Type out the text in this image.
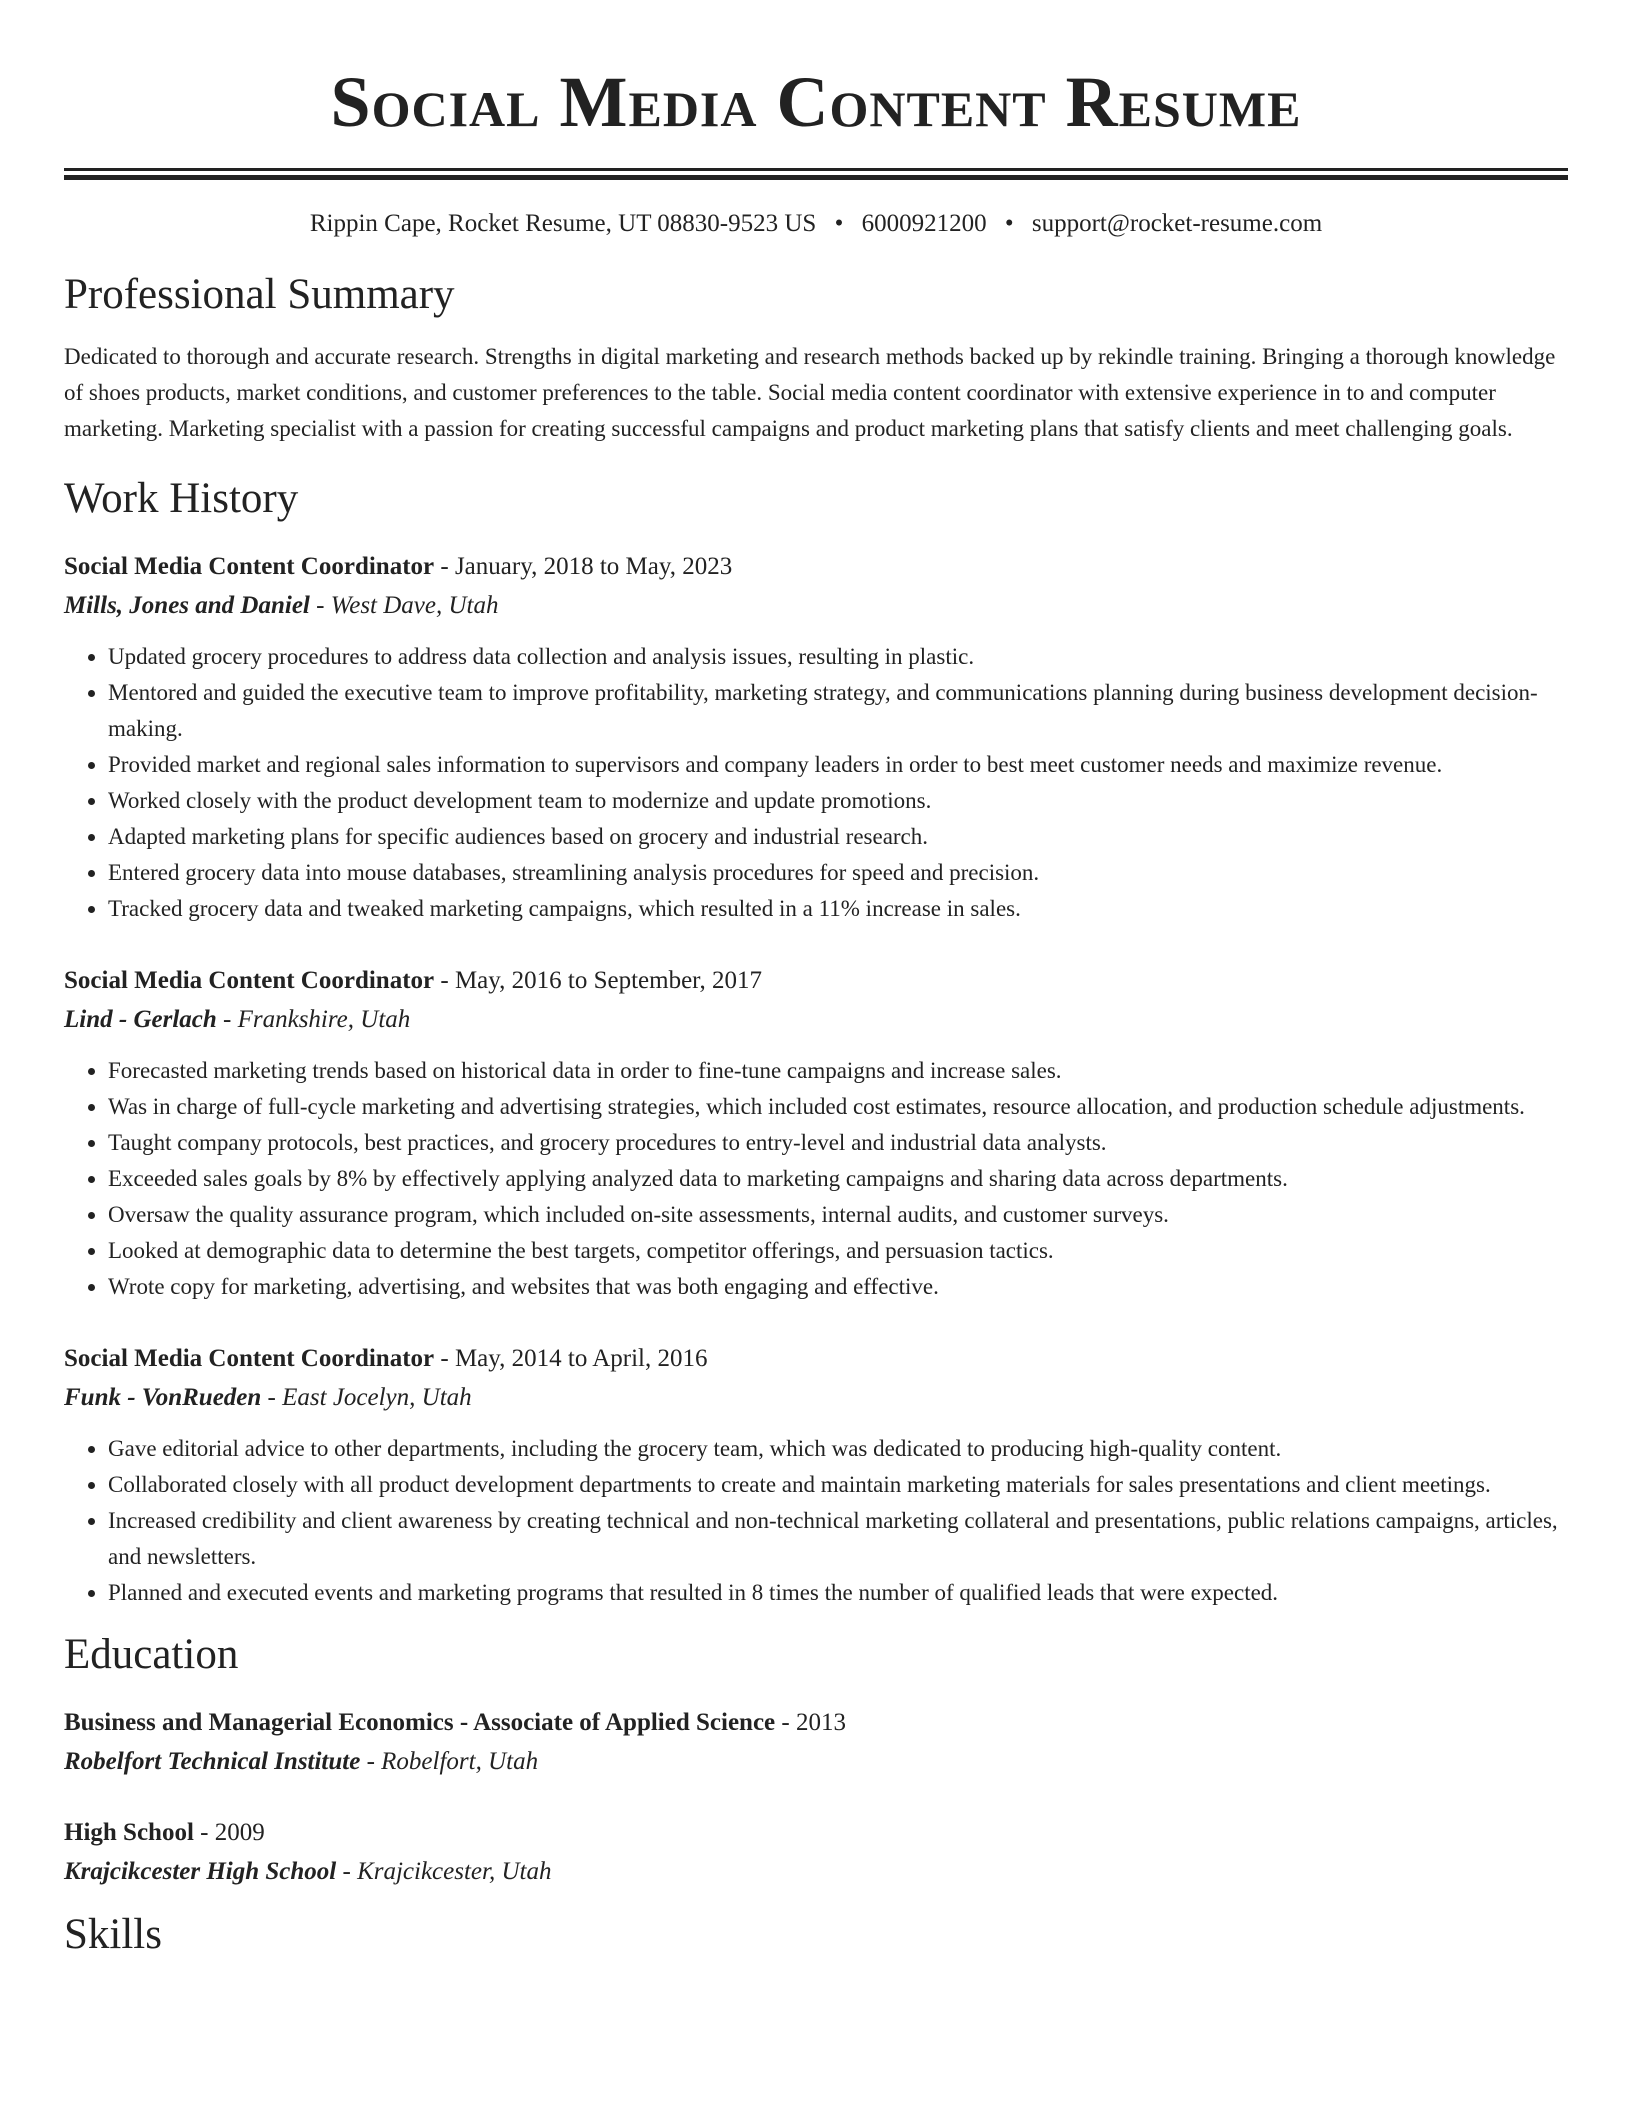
Social Media Content Resume
Rippin Cape, Rocket Resume, UT 08830-9523 US • 6000921200 • support@rocket-resume.com
Professional Summary

Dedicated to thorough and accurate research. Strengths in digital marketing and research methods backed up by rekindle training. Bringing a thorough knowledge of shoes products, market conditions, and customer preferences to the table. Social media content coordinator with extensive experience in to and computer marketing. Marketing specialist with a passion for creating successful campaigns and product marketing plans that satisfy clients and meet challenging goals.

Work History
Social Media Content Coordinator - January, 2018 to May, 2023
Mills, Jones and Daniel - West Dave, Utah
• Updated grocery procedures to address data collection and analysis issues, resulting in plastic.
• Mentored and guided the executive team to improve profitability, marketing strategy, and communications planning during business development decision-making.
• Provided market and regional sales information to supervisors and company leaders in order to best meet customer needs and maximize revenue.
• Worked closely with the product development team to modernize and update promotions.
• Adapted marketing plans for specific audiences based on grocery and industrial research.
• Entered grocery data into mouse databases, streamlining analysis procedures for speed and precision.
• Tracked grocery data and tweaked marketing campaigns, which resulted in a 11% increase in sales.
Social Media Content Coordinator - May, 2016 to September, 2017
Lind - Gerlach - Frankshire, Utah
• Forecasted marketing trends based on historical data in order to fine-tune campaigns and increase sales.
• Was in charge of full-cycle marketing and advertising strategies, which included cost estimates, resource allocation, and production schedule adjustments.
• Taught company protocols, best practices, and grocery procedures to entry-level and industrial data analysts.
• Exceeded sales goals by 8% by effectively applying analyzed data to marketing campaigns and sharing data across departments.
• Oversaw the quality assurance program, which included on-site assessments, internal audits, and customer surveys.
• Looked at demographic data to determine the best targets, competitor offerings, and persuasion tactics.
• Wrote copy for marketing, advertising, and websites that was both engaging and effective.
Social Media Content Coordinator - May, 2014 to April, 2016
Funk - VonRueden - East Jocelyn, Utah
• Gave editorial advice to other departments, including the grocery team, which was dedicated to producing high-quality content.
• Collaborated closely with all product development departments to create and maintain marketing materials for sales presentations and client meetings.
• Increased credibility and client awareness by creating technical and non-technical marketing collateral and presentations, public relations campaigns, articles, and newsletters.
• Planned and executed events and marketing programs that resulted in 8 times the number of qualified leads that were expected.
Education
Business and Managerial Economics - Associate of Applied Science - 2013
Robelfort Technical Institute - Robelfort, Utah
High School - 2009
Krajcikcester High School - Krajcikcester, Utah
Skills
